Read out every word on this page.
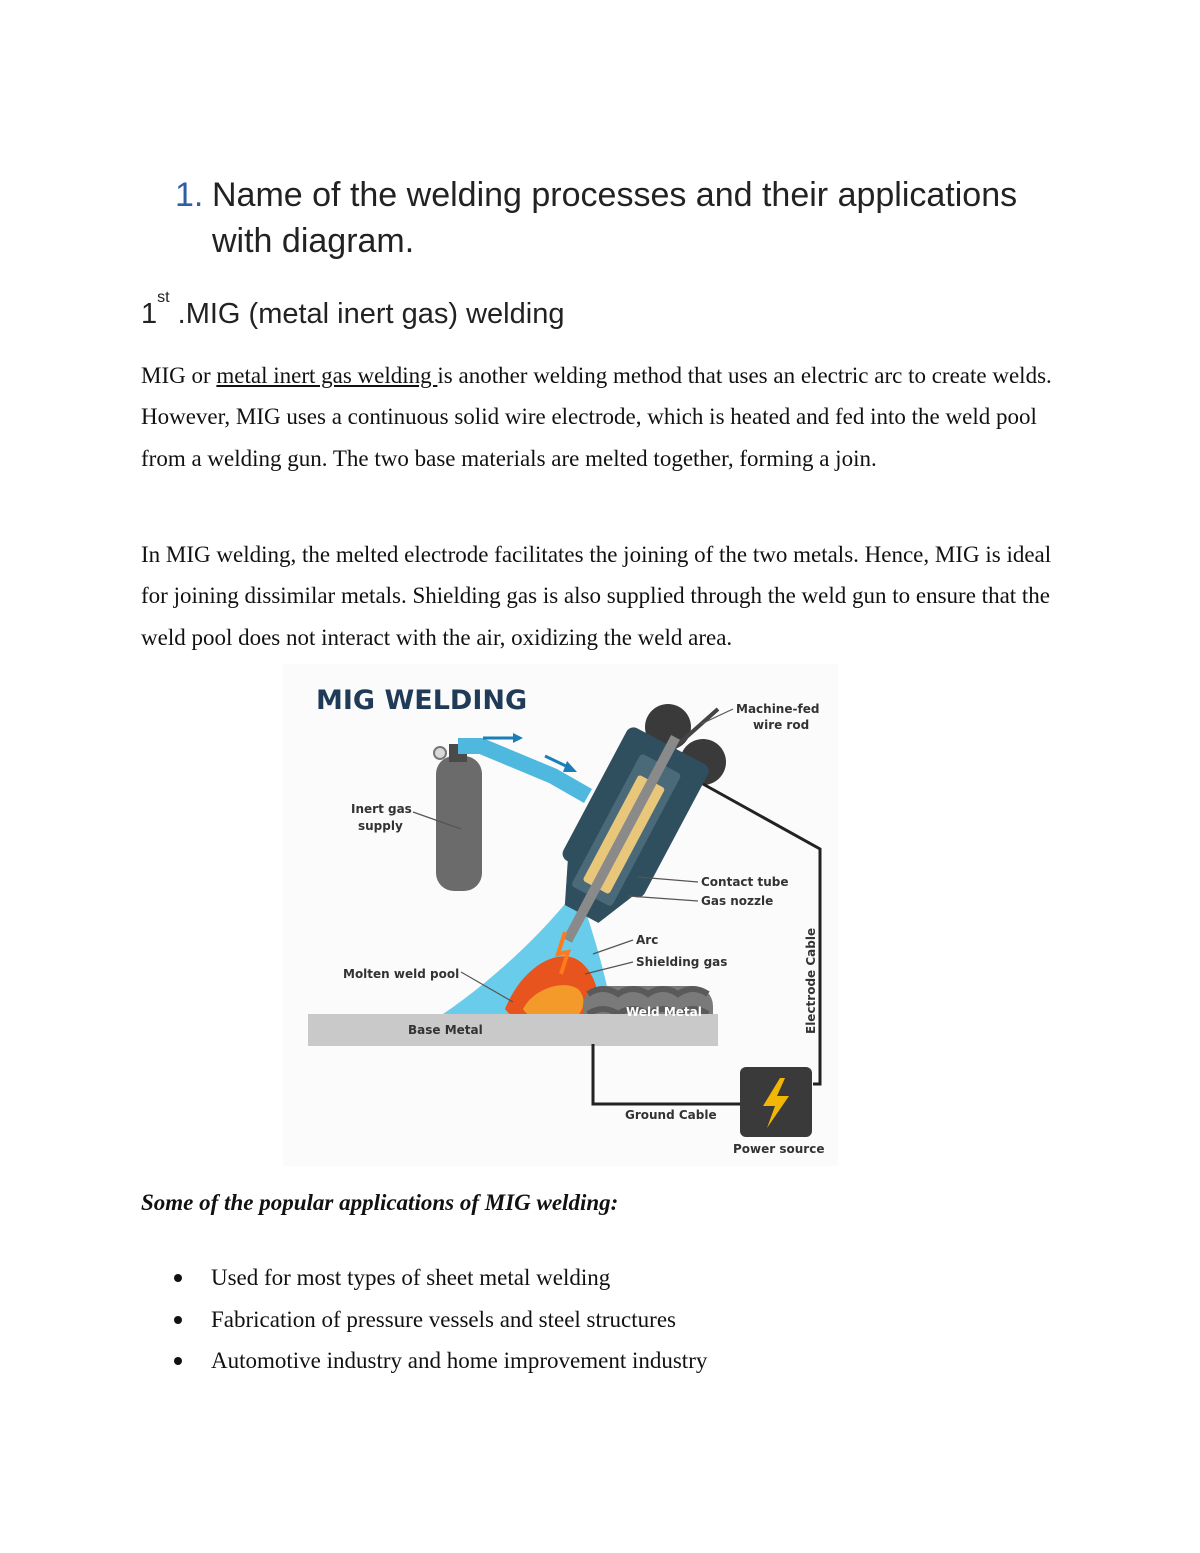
1. Name of the welding processes and their applications with diagram.
1st .MIG (metal inert gas) welding

MIG or metal inert gas welding is another welding method that uses an electric arc to create welds. However, MIG uses a continuous solid wire electrode, which is heated and fed into the weld pool from a welding gun. The two base materials are melted together, forming a join.

In MIG welding, the melted electrode facilitates the joining of the two metals. Hence, MIG is ideal for joining dissimilar metals. Shielding gas is also supplied through the weld gun to ensure that the weld pool does not interact with the air, oxidizing the weld area.

MIG WELDING	Machine-fed
wire rod
Inert gas
supply
Contact tube
Gas nozzle
Arc
Shielding gas
Molten weld pool
Weld Metal
Base Metal
Ground Cable
Power source
Electrode Cable
Some of the popular applications of MIG welding:
Used for most types of sheet metal welding
Fabrication of pressure vessels and steel structures
Automotive industry and home improvement industry
